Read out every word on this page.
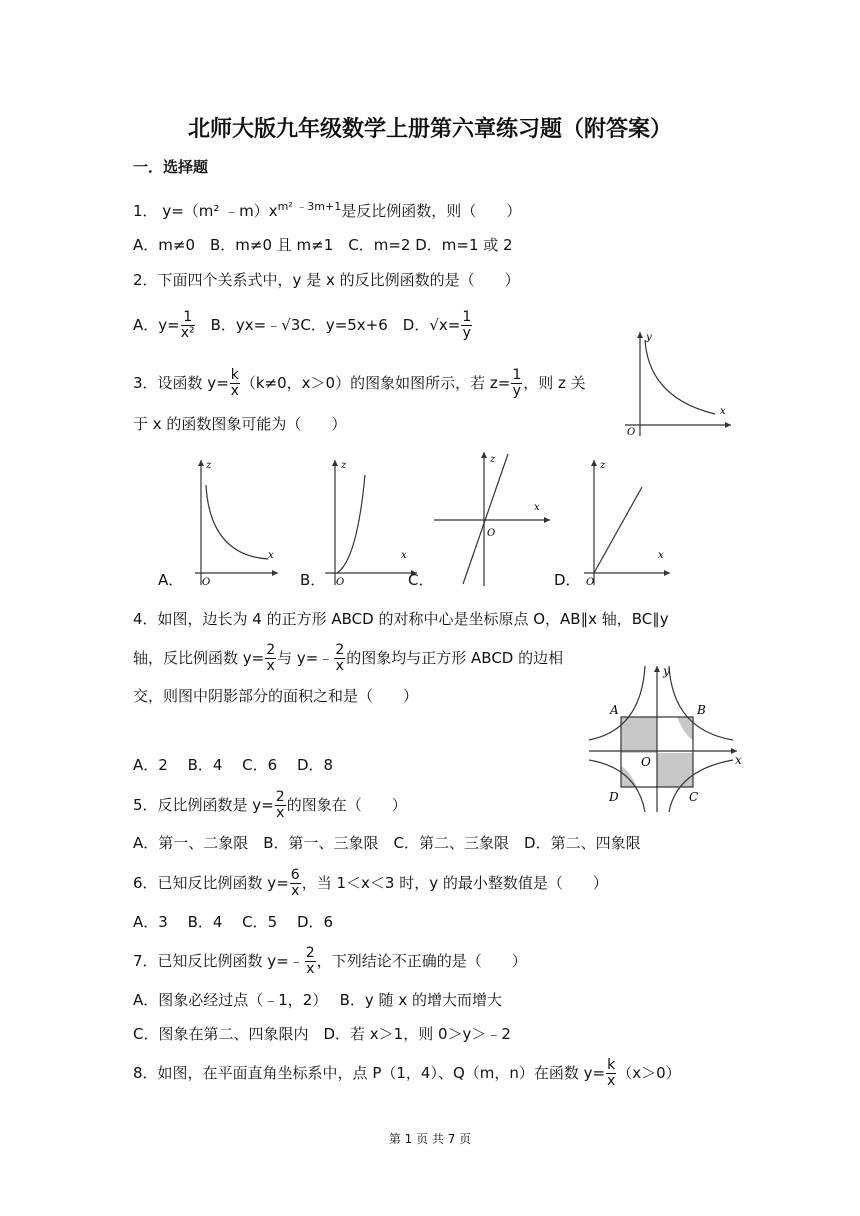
北师大版九年级数学上册第六章练习题（附答案）
一．选择题
1． y=（m² $﹣m)x^{m^2 ﹣3m+1}$是反比例函数，则（　　）
A．m≠0　B．m≠0 且 m≠1　C．m=2 D．m=1 或 2
2．下面四个关系式中，y 是 x 的反比例函数的是（　　）
A．$y= \frac{1}{\text{x²}}$ 　B．yx=﹣√3C．y=5x+6　D．$√x= \frac{1}{y}$
3．设函数 $y= \frac{k}{x} (k\ne 0$，x＞0）的图象如图所示，若 $z= \frac{1}{y}$ ，则 z 关
于 x 的函数图象可能为（　　）
y
x
O
z
x
O
A．
z
x
O
B．
z
x
O
C．
z
x
O
D．
4．如图，边长为 4 的正方形 ABCD 的对称中心是坐标原点 O，AB∥x 轴，BC∥y
轴，反比例函数 $y= \frac{2}{x}$ 与 y=﹣ $\frac{2}{x}$ 的图象均与正方形 ABCD 的边相
交，则图中阴影部分的面积之和是（　　）
A．2　 B．4　 C．6　 D．8
A	B
C
D
O	x
y
5．反比例函数是 $y= \frac{2}{x}$ 的图象在（　　）
A．第一、二象限　B．第一、三象限　C．第二、三象限　D．第二、四象限
6．已知反比例函数 $y= \frac{6}{x}$ ，当 1＜x＜3 时，y 的最小整数值是（　　）
A．3　 B．4　 C．5　 D．6
7．已知反比例函数 y=﹣ $\frac{2}{x}$ ，下列结论不正确的是（　　）
A．图象必经过点（﹣1，2）　 B．y 随 x 的增大而增大
C．图象在第二、四象限内　D．若 x＞1，则 0＞y＞﹣2
8．如图，在平面直角坐标系中，点 P（1，4）、Q（m，n）在函数 $y= \frac{k}{x} (x>0)$
第 1 页 共 7 页
